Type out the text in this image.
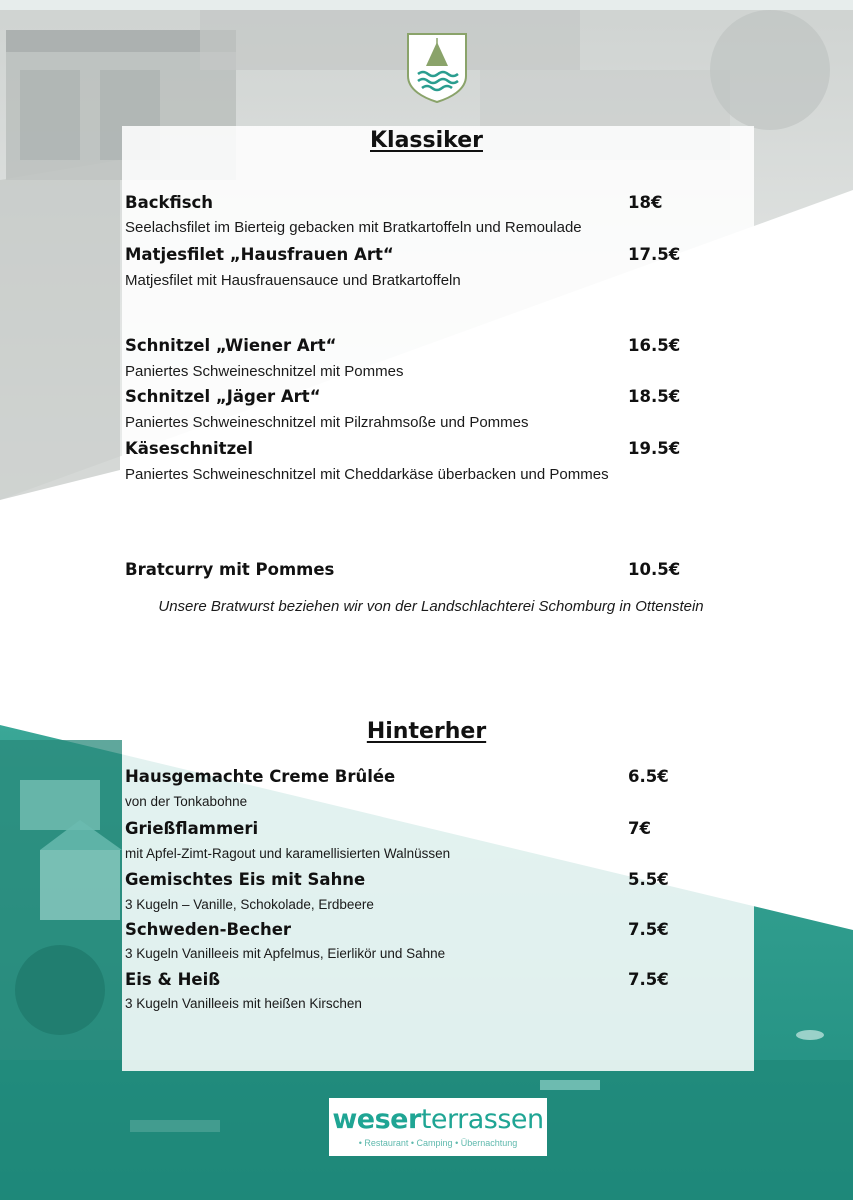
Klassiker
Backfisch	18€
Seelachsfilet im Bierteig gebacken mit Bratkartoffeln und Remoulade
Matjesfilet „Hausfrauen Art“	17.5€
Matjesfilet mit Hausfrauensauce und Bratkartoffeln
Schnitzel „Wiener Art“	16.5€
Paniertes Schweineschnitzel mit Pommes
Schnitzel „Jäger Art“	18.5€
Paniertes Schweineschnitzel mit Pilzrahmsoße und Pommes
Käseschnitzel	19.5€
Paniertes Schweineschnitzel mit Cheddarkäse überbacken und Pommes
Bratcurry mit Pommes	10.5€
Unsere Bratwurst beziehen wir von der Landschlachterei Schomburg in Ottenstein
Hinterher
Hausgemachte Creme Brûlée	6.5€
von der Tonkabohne
Grießflammeri	7€
mit Apfel-Zimt-Ragout und karamellisierten Walnüssen
Gemischtes Eis mit Sahne	5.5€
3 Kugeln – Vanille, Schokolade, Erdbeere
Schweden-Becher	7.5€
3 Kugeln Vanilleeis mit Apfelmus, Eierlikör und Sahne
Eis & Heiß	7.5€
3 Kugeln Vanilleeis mit heißen Kirschen
weserterrassen
• Restaurant • Camping • Übernachtung
